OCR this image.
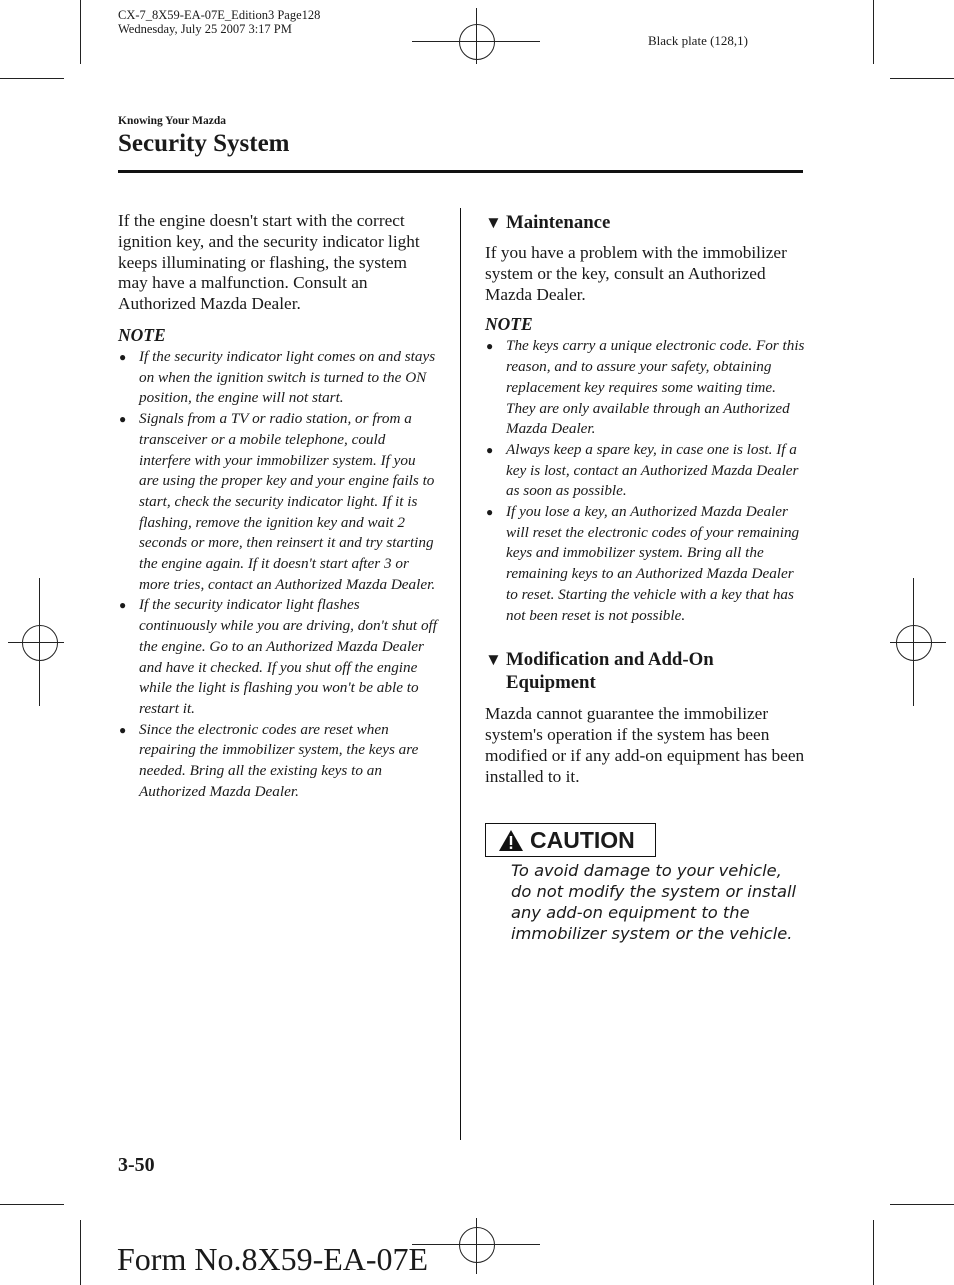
CX-7_8X59-EA-07E_Edition3 Page128
Wednesday, July 25 2007 3:17 PM
Black plate (128,1)
Knowing Your Mazda
Security System

If the engine doesn't start with the correct ignition key, and the security indicator light keeps illuminating or flashing, the system may have a malfunction. Consult an Authorized Mazda Dealer.

NOTE
● If the security indicator light comes on and stays on when the ignition switch is turned to the ON position, the engine will not start.
● Signals from a TV or radio station, or from a transceiver or a mobile telephone, could interfere with your immobilizer system. If you are using the proper key and your engine fails to start, check the security indicator light. If it is flashing, remove the ignition key and wait 2 seconds or more, then reinsert it and try starting the engine again. If it doesn't start after 3 or more tries, contact an Authorized Mazda Dealer.
● If the security indicator light flashes continuously while you are driving, don't shut off the engine. Go to an Authorized Mazda Dealer and have it checked. If you shut off the engine while the light is flashing you won't be able to restart it.
● Since the electronic codes are reset when repairing the immobilizer system, the keys are needed. Bring all the existing keys to an Authorized Mazda Dealer.
▼ Maintenance

If you have a problem with the immobilizer system or the key, consult an Authorized Mazda Dealer.

NOTE
● The keys carry a unique electronic code. For this reason, and to assure your safety, obtaining replacement key requires some waiting time. They are only available through an Authorized Mazda Dealer.
● Always keep a spare key, in case one is lost. If a key is lost, contact an Authorized Mazda Dealer as soon as possible.
● If you lose a key, an Authorized Mazda Dealer will reset the electronic codes of your remaining keys and immobilizer system. Bring all the remaining keys to an Authorized Mazda Dealer to reset. Starting the vehicle with a key that has not been reset is not possible.
▼ Modification and Add-On Equipment

Mazda cannot guarantee the immobilizer system's operation if the system has been modified or if any add-on equipment has been installed to it.

CAUTION

To avoid damage to your vehicle, do not modify the system or install any add-on equipment to the immobilizer system or the vehicle.

3-50
Form No.8X59-EA-07E
